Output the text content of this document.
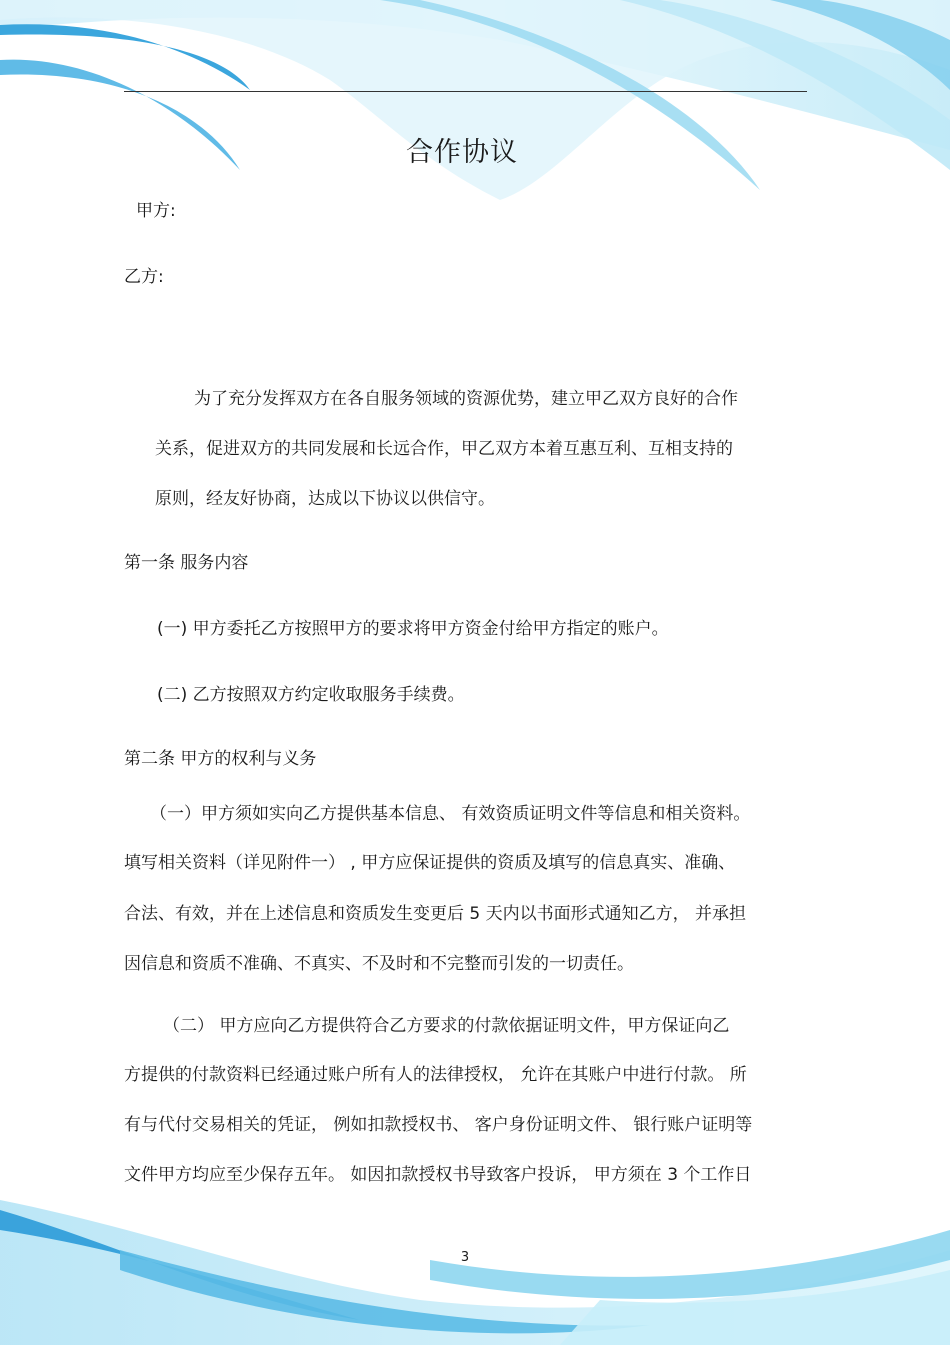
合作协议
甲方:
乙方:
为了充分发挥双方在各自服务领域的资源优势，建立甲乙双方良好的合作
关系，促进双方的共同发展和长远合作，甲乙双方本着互惠互利、互相支持的
原则，经友好协商，达成以下协议以供信守。
第一条 服务内容
(一) 甲方委托乙方按照甲方的要求将甲方资金付给甲方指定的账户。
(二) 乙方按照双方约定收取服务手续费。
第二条 甲方的权利与义务
（一）甲方须如实向乙方提供基本信息、 有效资质证明文件等信息和相关资料。
填写相关资料（详见附件一） , 甲方应保证提供的资质及填写的信息真实、准确、
合法、有效，并在上述信息和资质发生变更后 5 天内以书面形式通知乙方， 并承担
因信息和资质不准确、不真实、不及时和不完整而引发的一切责任。
（二） 甲方应向乙方提供符合乙方要求的付款依据证明文件，甲方保证向乙
方提供的付款资料已经通过账户所有人的法律授权， 允许在其账户中进行付款。 所
有与代付交易相关的凭证， 例如扣款授权书、 客户身份证明文件、 银行账户证明等
文件甲方均应至少保存五年。 如因扣款授权书导致客户投诉， 甲方须在 3 个工作日
3
